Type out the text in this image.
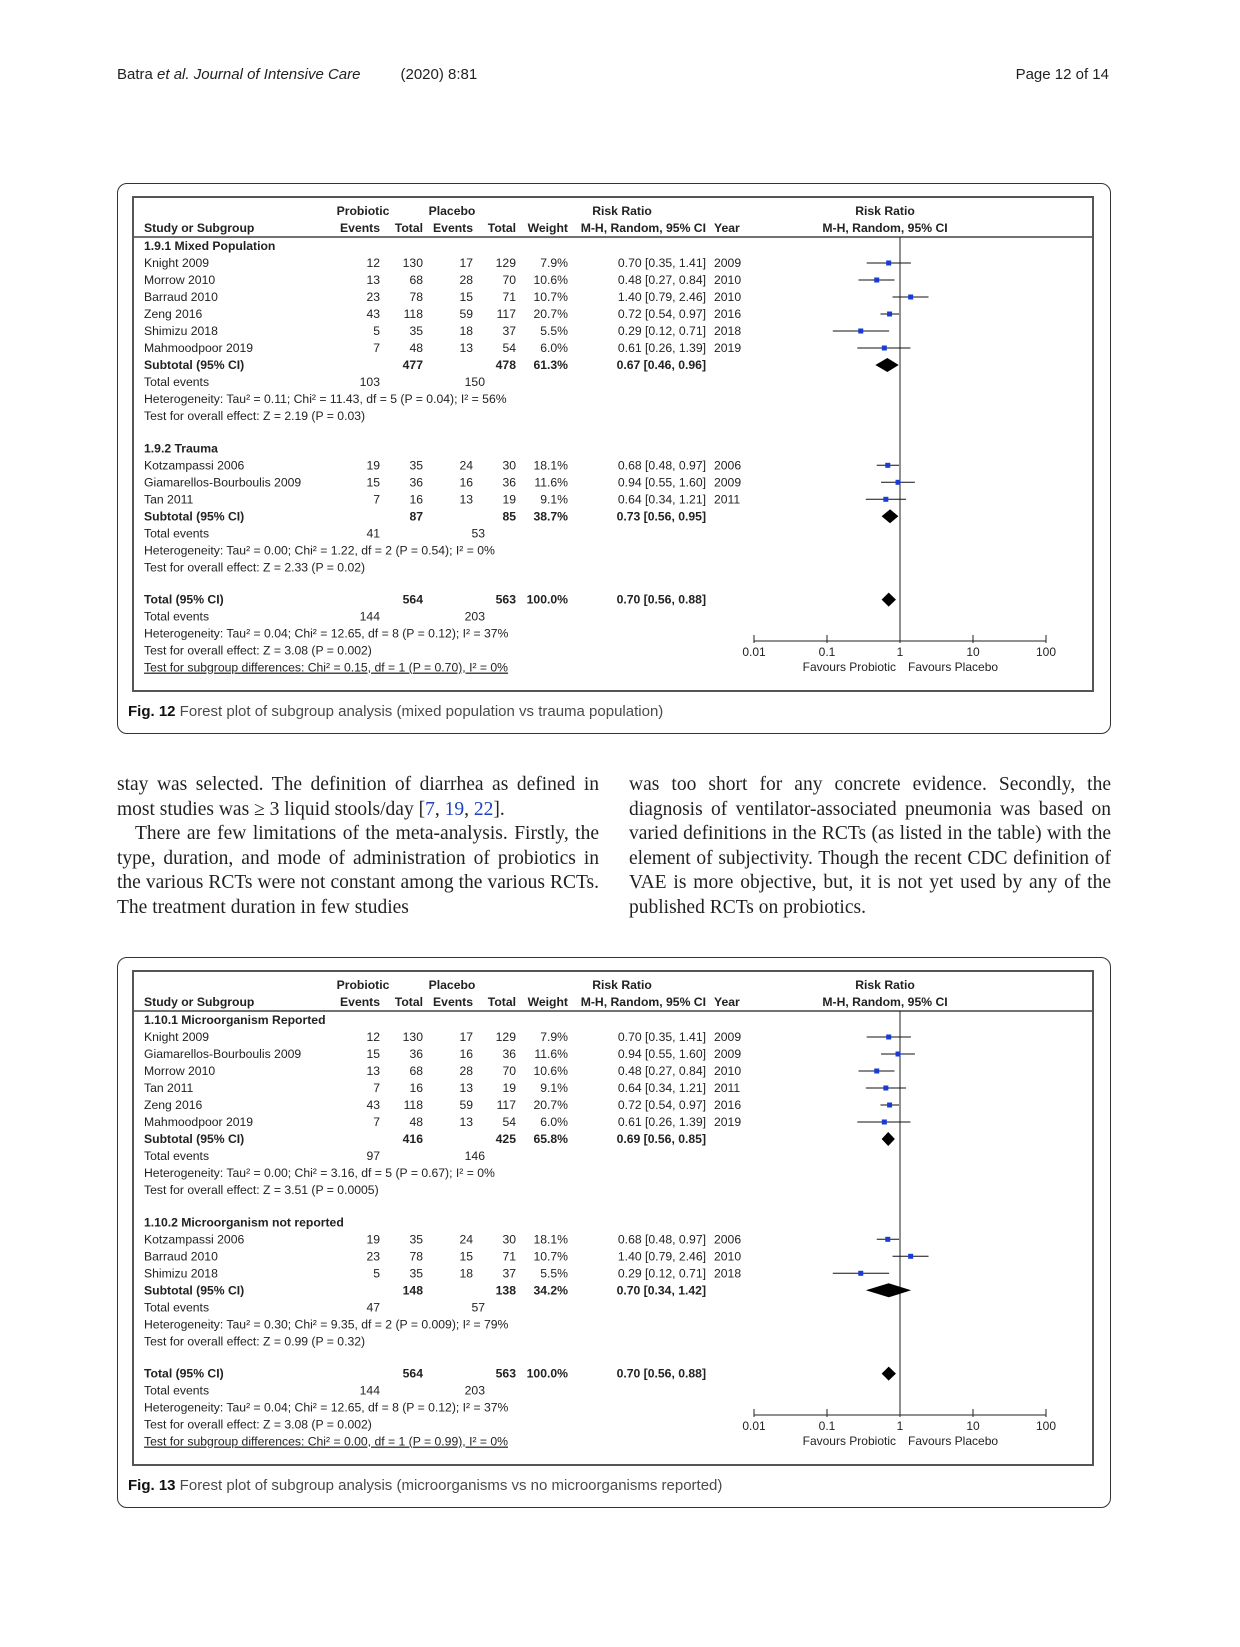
Batra et al. Journal of Intensive Care	(2020) 8:81	Page 12 of 14
Probiotic	Placebo	Risk Ratio	Risk Ratio
Study or Subgroup	Events Total Events Total Weight M-H, Random, 95% CI Year	M-H, Random, 95% CI
1.9.1 Mixed Population
Knight 2009	12 130	17 129 7.9%	0.70 [0.35, 1.41] 2009
Morrow 2010	13 68	28 70 10.6%	0.48 [0.27, 0.84] 2010
Barraud 2010	23 78	15 71 10.7%	1.40 [0.79, 2.46] 2010
Zeng 2016	43 118	59 117 20.7%	0.72 [0.54, 0.97] 2016
Shimizu 2018	5 35	18 37 5.5%	0.29 [0.12, 0.71] 2018
Mahmoodpoor 2019	7 48	13 54 6.0%	0.61 [0.26, 1.39] 2019
Subtotal (95% CI)	477	478 61.3%	0.67 [0.46, 0.96]
Total events	103	150
Heterogeneity: Tau² = 0.11; Chi² = 11.43, df = 5 (P = 0.04); I² = 56%
Test for overall effect: Z = 2.19 (P = 0.03)
1.9.2 Trauma
Kotzampassi 2006	19 35	24 30 18.1%	0.68 [0.48, 0.97] 2006
Giamarellos-Bourboulis 2009	15 36	16 36 11.6%	0.94 [0.55, 1.60] 2009
Tan 2011	7 16	13 19 9.1%	0.64 [0.34, 1.21] 2011
Subtotal (95% CI)	87	85 38.7%	0.73 [0.56, 0.95]
Total events	41	53
Heterogeneity: Tau² = 0.00; Chi² = 1.22, df = 2 (P = 0.54); I² = 0%
Test for overall effect: Z = 2.33 (P = 0.02)
Total (95% CI)	564	563 100.0%	0.70 [0.56, 0.88]
Total events	144	203
Heterogeneity: Tau² = 0.04; Chi² = 12.65, df = 8 (P = 0.12); I² = 37%
Test for overall effect: Z = 3.08 (P = 0.002)
Test for subgroup differences: Chi² = 0.15, df = 1 (P = 0.70), I² = 0%
0.01	0.1	1	10	100
Favours Probiotic Favours Placebo
Fig. 12 Forest plot of subgroup analysis (mixed population vs trauma population)

stay was selected. The definition of diarrhea as defined in most studies was ≥ 3 liquid stools/day [7, 19, 22].

There are few limitations of the meta-analysis. Firstly, the type, duration, and mode of administration of probiotics in the various RCTs were not constant among the various RCTs. The treatment duration in few studies

was too short for any concrete evidence. Secondly, the diagnosis of ventilator-associated pneumonia was based on varied definitions in the RCTs (as listed in the table) with the element of subjectivity. Though the recent CDC definition of VAE is more objective, but, it is not yet used by any of the published RCTs on probiotics.

Probiotic	Placebo	Risk Ratio	Risk Ratio
Study or Subgroup	Events Total Events Total Weight M-H, Random, 95% CI Year	M-H, Random, 95% CI
1.10.1 Microorganism Reported
Knight 2009	12 130	17 129 7.9%	0.70 [0.35, 1.41] 2009
Giamarellos-Bourboulis 2009	15 36	16 36 11.6%	0.94 [0.55, 1.60] 2009
Morrow 2010	13 68	28 70 10.6%	0.48 [0.27, 0.84] 2010
Tan 2011	7 16	13 19 9.1%	0.64 [0.34, 1.21] 2011
Zeng 2016	43 118	59 117 20.7%	0.72 [0.54, 0.97] 2016
Mahmoodpoor 2019	7 48	13 54 6.0%	0.61 [0.26, 1.39] 2019
Subtotal (95% CI)	416	425 65.8%	0.69 [0.56, 0.85]
Total events	97	146
Heterogeneity: Tau² = 0.00; Chi² = 3.16, df = 5 (P = 0.67); I² = 0%
Test for overall effect: Z = 3.51 (P = 0.0005)
1.10.2 Microorganism not reported
Kotzampassi 2006	19 35	24 30 18.1%	0.68 [0.48, 0.97] 2006
Barraud 2010	23 78	15 71 10.7%	1.40 [0.79, 2.46] 2010
Shimizu 2018	5 35	18 37 5.5%	0.29 [0.12, 0.71] 2018
Subtotal (95% CI)	148	138 34.2%	0.70 [0.34, 1.42]
Total events	47	57
Heterogeneity: Tau² = 0.30; Chi² = 9.35, df = 2 (P = 0.009); I² = 79%
Test for overall effect: Z = 0.99 (P = 0.32)
Total (95% CI)	564	563 100.0%	0.70 [0.56, 0.88]
Total events	144	203
Heterogeneity: Tau² = 0.04; Chi² = 12.65, df = 8 (P = 0.12); I² = 37%
Test for overall effect: Z = 3.08 (P = 0.002)
Test for subgroup differences: Chi² = 0.00, df = 1 (P = 0.99), I² = 0%
0.01	0.1	1	10	100
Favours Probiotic Favours Placebo
Fig. 13 Forest plot of subgroup analysis (microorganisms vs no microorganisms reported)
